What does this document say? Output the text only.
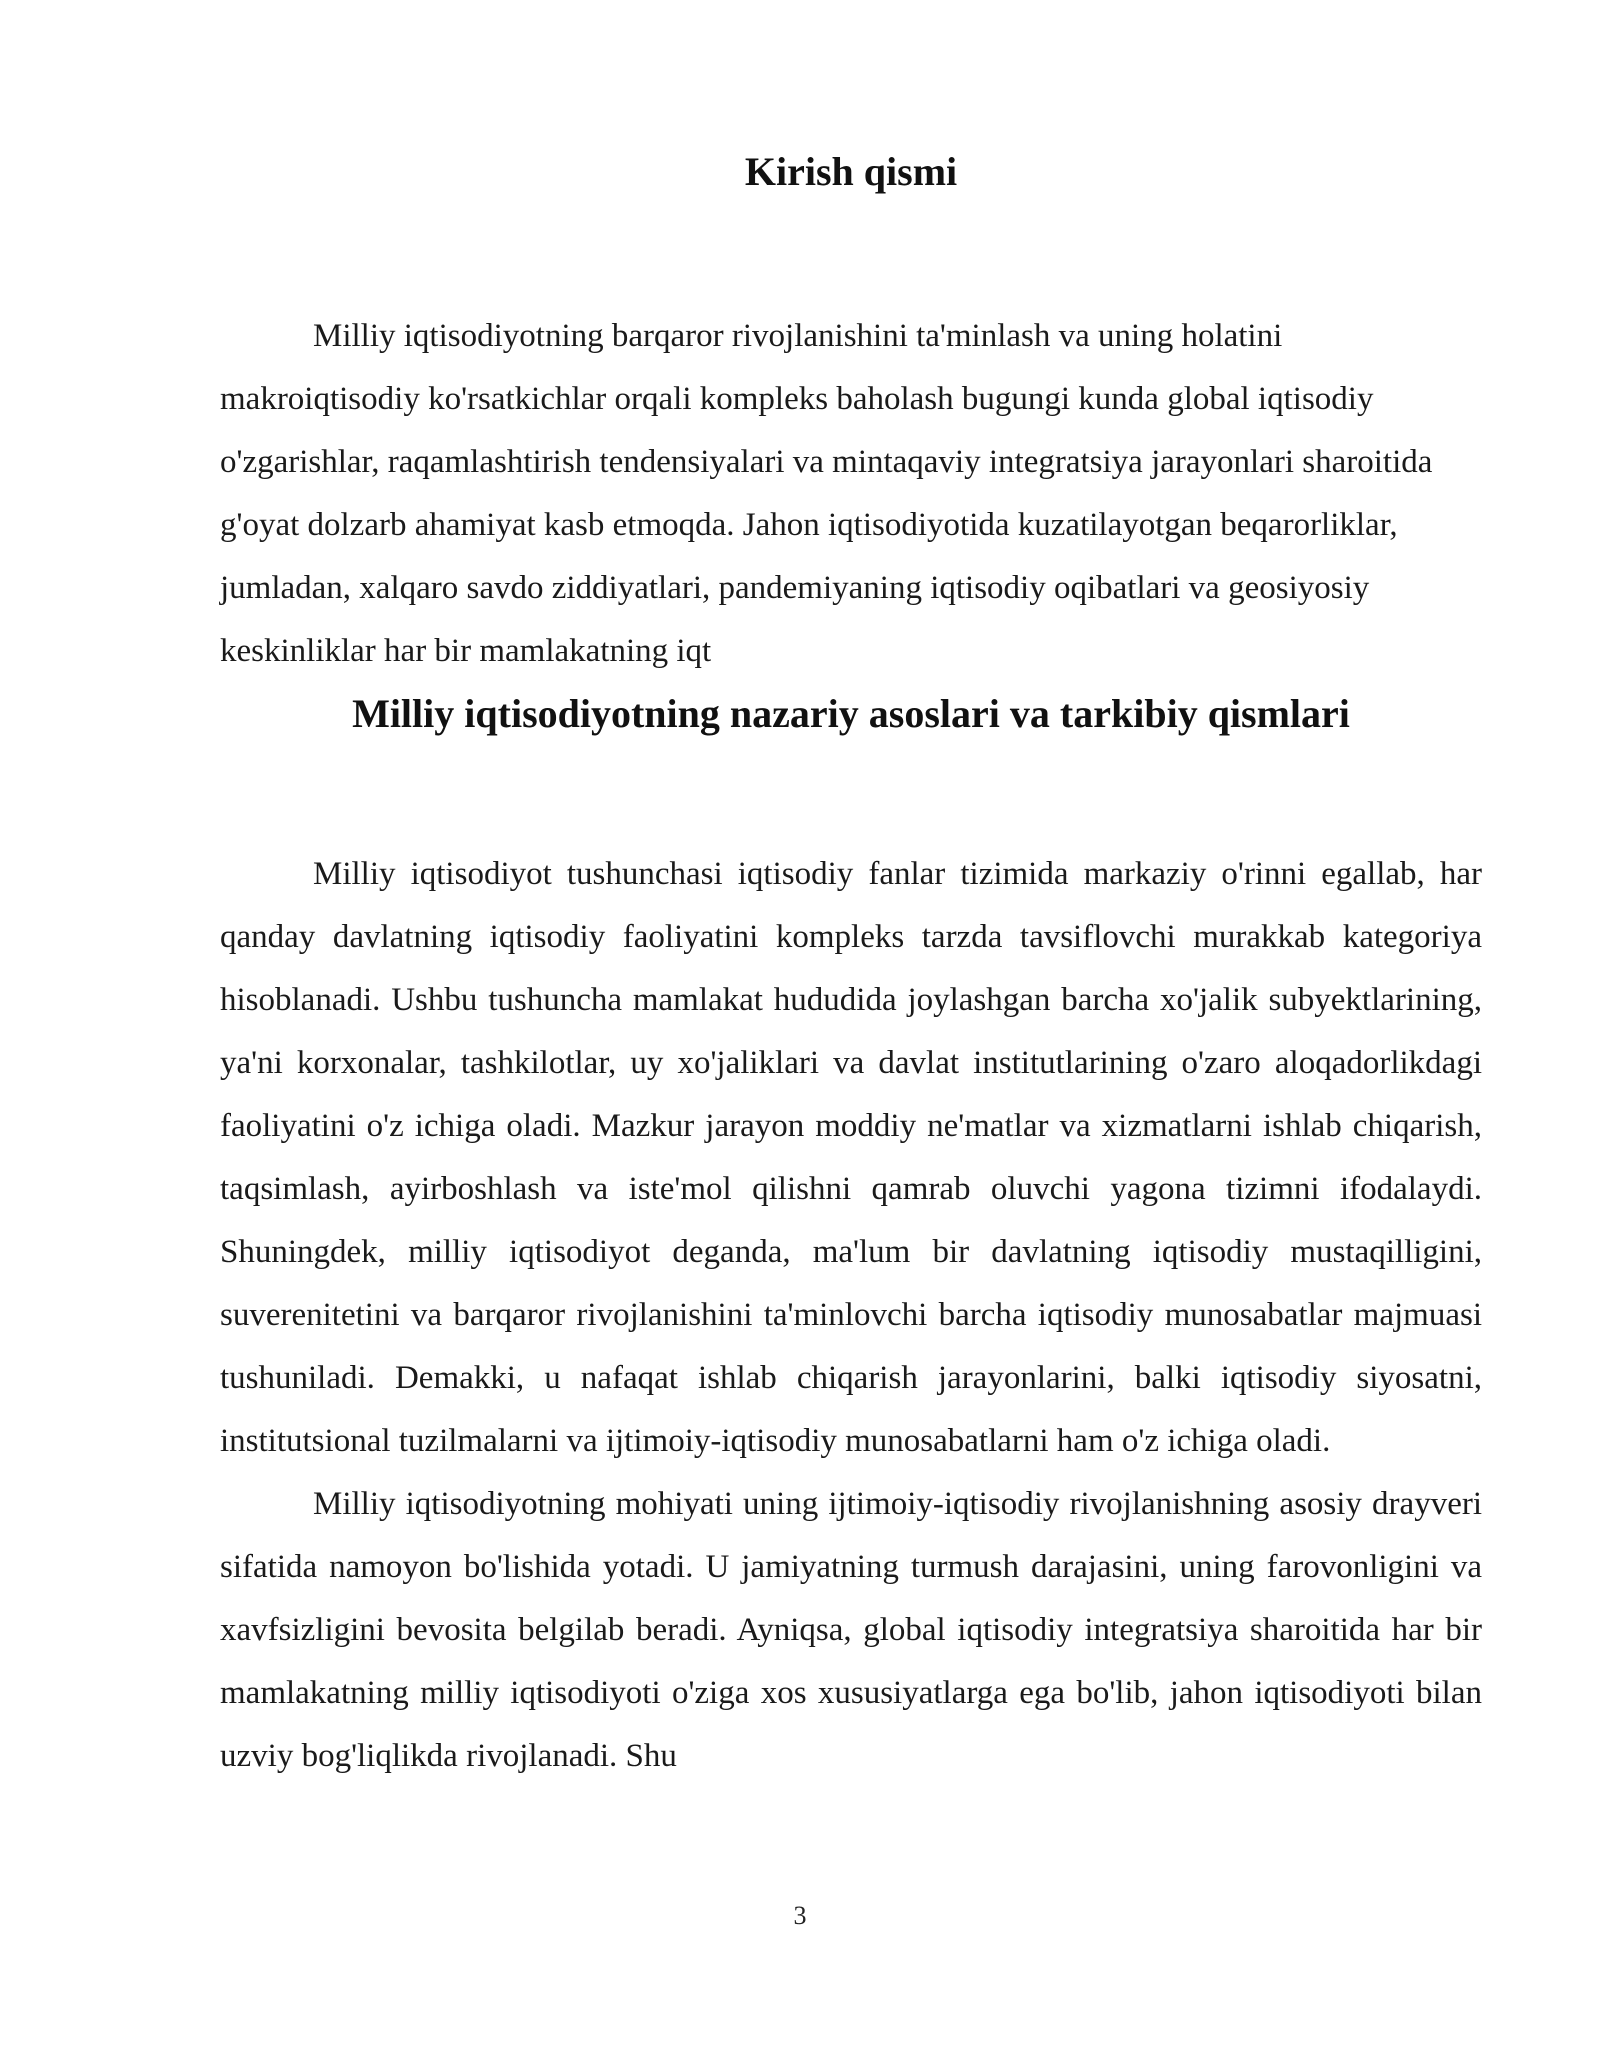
Kirish qismi

Milliy iqtisodiyotning barqaror rivojlanishini ta'minlash va uning holatini makroiqtisodiy ko'rsatkichlar orqali kompleks baholash bugungi kunda global iqtisodiy o'zgarishlar, raqamlashtirish tendensiyalari va mintaqaviy integratsiya jarayonlari sharoitida g'oyat dolzarb ahamiyat kasb etmoqda. Jahon iqtisodiyotida kuzatilayotgan beqarorliklar, jumladan, xalqaro savdo ziddiyatlari, pandemiyaning iqtisodiy oqibatlari va geosiyosiy keskinliklar har bir mamlakatning iqt

Milliy iqtisodiyotning nazariy asoslari va tarkibiy qismlari

Milliy iqtisodiyot tushunchasi iqtisodiy fanlar tizimida markaziy o'rinni egallab, har qanday davlatning iqtisodiy faoliyatini kompleks tarzda tavsiflovchi murakkab kategoriya hisoblanadi. Ushbu tushuncha mamlakat hududida joylashgan barcha xo'jalik subyektlarining, ya'ni korxonalar, tashkilotlar, uy xo'jaliklari va davlat institutlarining o'zaro aloqadorlikdagi faoliyatini o'z ichiga oladi. Mazkur jarayon moddiy ne'matlar va xizmatlarni ishlab chiqarish, taqsimlash, ayirboshlash va iste'mol qilishni qamrab oluvchi yagona tizimni ifodalaydi. Shuningdek, milliy iqtisodiyot deganda, ma'lum bir davlatning iqtisodiy mustaqilligini, suverenitetini va barqaror rivojlanishini ta'minlovchi barcha iqtisodiy munosabatlar majmuasi tushuniladi. Demakki, u nafaqat ishlab chiqarish jarayonlarini, balki iqtisodiy siyosatni, institutsional tuzilmalarni va ijtimoiy-iqtisodiy munosabatlarni ham o'z ichiga oladi.

Milliy iqtisodiyotning mohiyati uning ijtimoiy-iqtisodiy rivojlanishning asosiy drayveri sifatida namoyon bo'lishida yotadi. U jamiyatning turmush darajasini, uning farovonligini va xavfsizligini bevosita belgilab beradi. Ayniqsa, global iqtisodiy integratsiya sharoitida har bir mamlakatning milliy iqtisodiyoti o'ziga xos xususiyatlarga ega bo'lib, jahon iqtisodiyoti bilan uzviy bog'liqlikda rivojlanadi. Shu

3
